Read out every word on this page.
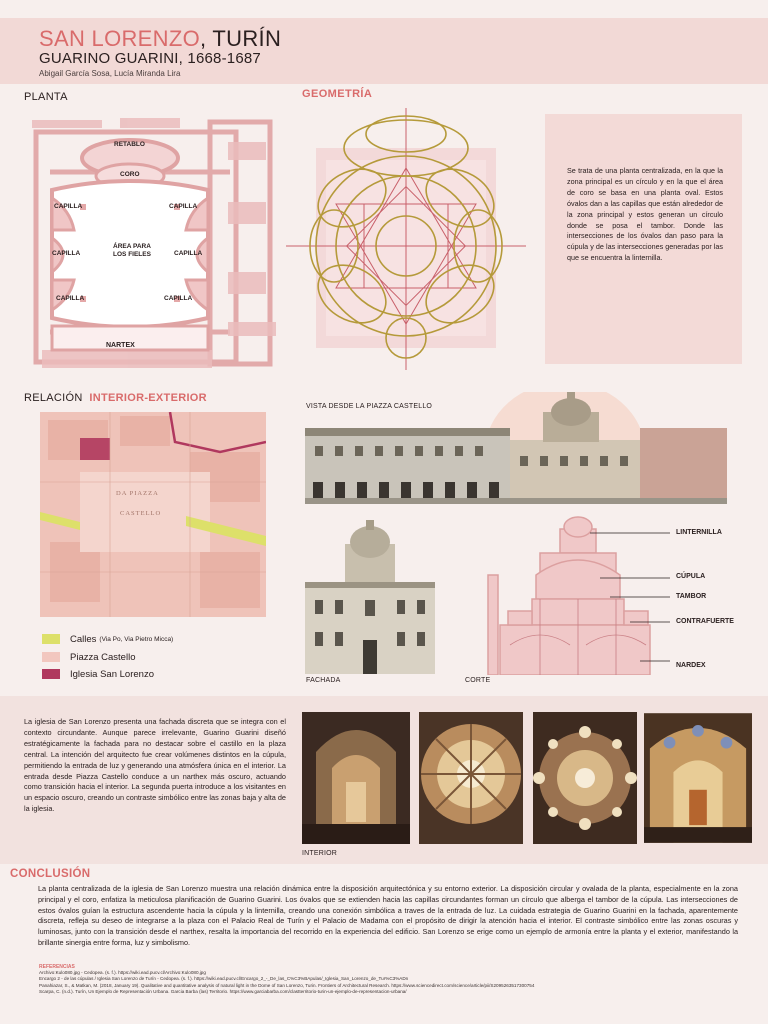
SAN LORENZO, TURÍN
GUARINO GUARINI, 1668-1687
Abigail García Sosa, Lucía Miranda Lira
PLANTA
RETABLO
CORO
CAPILLA	CAPILLA
CAPILLA	CAPILLA
CAPILLA	CAPILLA
ÁREA PARA
LOS FIELES
NARTEX
GEOMETRÍA
Se trata de una planta centralizada, en la que la zona principal es un círculo y en la que el área de coro se basa en una planta oval. Estos óvalos dan a las capillas que están alrededor de la zona principal y estos generan un círculo donde se posa el tambor. Donde las intersecciones de los óvalos dan paso para la cúpula y de las intersecciones generadas por las que se encuentra la linternilla.
RELACIÓN INTERIOR-EXTERIOR
DA PIAZZA
CASTELLO
Calles (Via Po, Via Pietro Micca)
Piazza Castello
Iglesia San Lorenzo
VISTA DESDE LA PIAZZA CASTELLO
FACHADA	CORTE
LINTERNILLA
CÚPULA
TAMBOR
CONTRAFUERTE
NARDEX
La iglesia de San Lorenzo presenta una fachada discreta que se integra con el contexto circundante. Aunque parece irrelevante, Guarino Guarini diseñó estratégicamente la fachada para no destacar sobre el castillo en la plaza central. La intención del arquitecto fue crear volúmenes distintos en la cúpula, permitiendo la entrada de luz y generando una atmósfera única en el interior. La entrada desde Piazza Castello conduce a un narthex más oscuro, actuando como transición hacia el interior. La segunda puerta introduce a los visitantes en un espacio oscuro, creando un contraste simbólico entre las zonas baja y alta de la iglesia.
INTERIOR
CONCLUSIÓN
La planta centralizada de la iglesia de San Lorenzo muestra una relación dinámica entre la disposición arquitectónica y su entorno exterior. La disposición circular y ovalada de la planta, especialmente en la zona principal y el coro, enfatiza la meticulosa planificación de Guarino Guarini. Los óvalos que se extienden hacia las capillas circundantes forman un círculo que alberga el tambor de la cúpula. Las intersecciones de estos óvalos guían la estructura ascendente hacia la cúpula y la linternilla, creando una conexión simbólica a traves de la entrada de luz. La cuidada estrategia de Guarino Guarini en la fachada, aparentemente discreta, refleja su deseo de integrarse a la plaza con el Palacio Real de Turín y el Palacio de Madama con el propósito de dirigir la atención hacia el interior. El contraste simbólico entre las zonas oscuras y luminosas, junto con la transición desde el narthex, resalta la importancia del recorrido en la experiencia del edificio. San Lorenzo se erige como un ejemplo de armonía entre la planta y el exterior, manifestando la brillante sinergia entre forma, luz y simbolismo.
REFERENCIAS
Archivo:Kulo080.jpg - Cedopea. (s. f.). https://wiki.ead.pucv.cl/Archivo:Kulo080.jpg
Encargo 2 - de las cúpulas / Iglesia San Lorenzo de Turín - Cedopea. (s. f.). https://wiki.ead.pucv.cl/Encargo_2_-_De_las_C%C3%BApulas/_Iglesia_San_Lorenzo_de_Tur%C3%ADn
Panahiazar, S., & Matkan, M. (2018, January 19). Qualitative and quantitative analysis of natural light in the Dome of San Lorenzo, Turin. Frontiers of Architectural Research. https://www.sciencedirect.com/science/article/pii/S2095263517300754
Scarpa, C. (n.d.). Turín, Un Ejemplo de Representación Urbana. Garcia Barba (las) Territorio. https://www.garciabarba.com/clastterritorio-turin-un-ejemplo-de-representacion-urbana/
